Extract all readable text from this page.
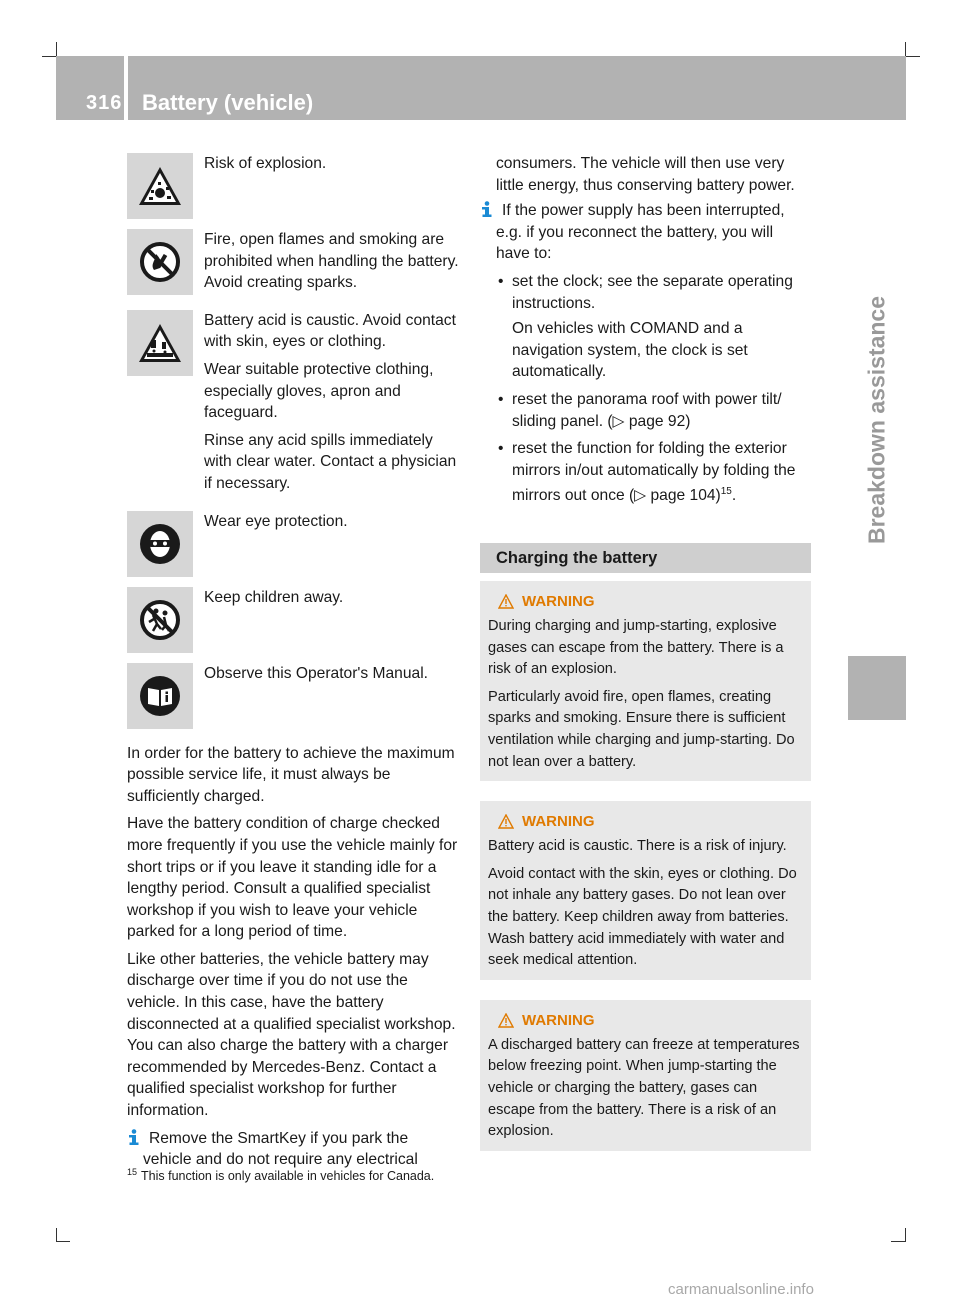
316 Battery (vehicle)
Breakdown assistance

Risk of explosion.

Fire, open flames and smoking are prohibited when handling the battery. Avoid creating sparks.

Battery acid is caustic. Avoid contact with skin, eyes or clothing.

Wear suitable protective clothing, especially gloves, apron and faceguard.

Rinse any acid spills immediately with clear water. Contact a physician if necessary.

Wear eye protection.

Keep children away.

Observe this Operator's Manual.

In order for the battery to achieve the maximum possible service life, it must always be sufficiently charged.

Have the battery condition of charge checked more frequently if you use the vehicle mainly for short trips or if you leave it standing idle for a lengthy period. Consult a qualified specialist workshop if you wish to leave your vehicle parked for a long period of time.

Like other batteries, the vehicle battery may discharge over time if you do not use the vehicle. In this case, have the battery disconnected at a qualified specialist workshop. You can also charge the battery with a charger recommended by Mercedes-Benz. Contact a qualified specialist workshop for further information.

Remove the SmartKey if you park the

vehicle and do not require any electrical

consumers. The vehicle will then use very little energy, thus conserving battery power.

If the power supply has been interrupted,

e.g. if you reconnect the battery, you will have to:

• set the clock; see the separate operating instructions.

On vehicles with COMAND and a navigation system, the clock is set automatically.

• reset the panorama roof with power tilt/ sliding panel. (▷ page 92)

• reset the function for folding the exterior mirrors in/out automatically by folding the mirrors out once (▷ page 104)$^{15}$.

Charging the battery
WARNING

During charging and jump-starting, explosive gases can escape from the battery. There is a risk of an explosion.

Particularly avoid fire, open flames, creating sparks and smoking. Ensure there is sufficient ventilation while charging and jump-starting. Do not lean over a battery.

WARNING

Battery acid is caustic. There is a risk of injury.

Avoid contact with the skin, eyes or clothing. Do not inhale any battery gases. Do not lean over the battery. Keep children away from batteries. Wash battery acid immediately with water and seek medical attention.

WARNING

A discharged battery can freeze at temperatures below freezing point. When jump-starting the vehicle or charging the battery, gases can escape from the battery. There is a risk of an explosion.

$^{15}$ This function is only available in vehicles for Canada.
carmanualsonline.info
